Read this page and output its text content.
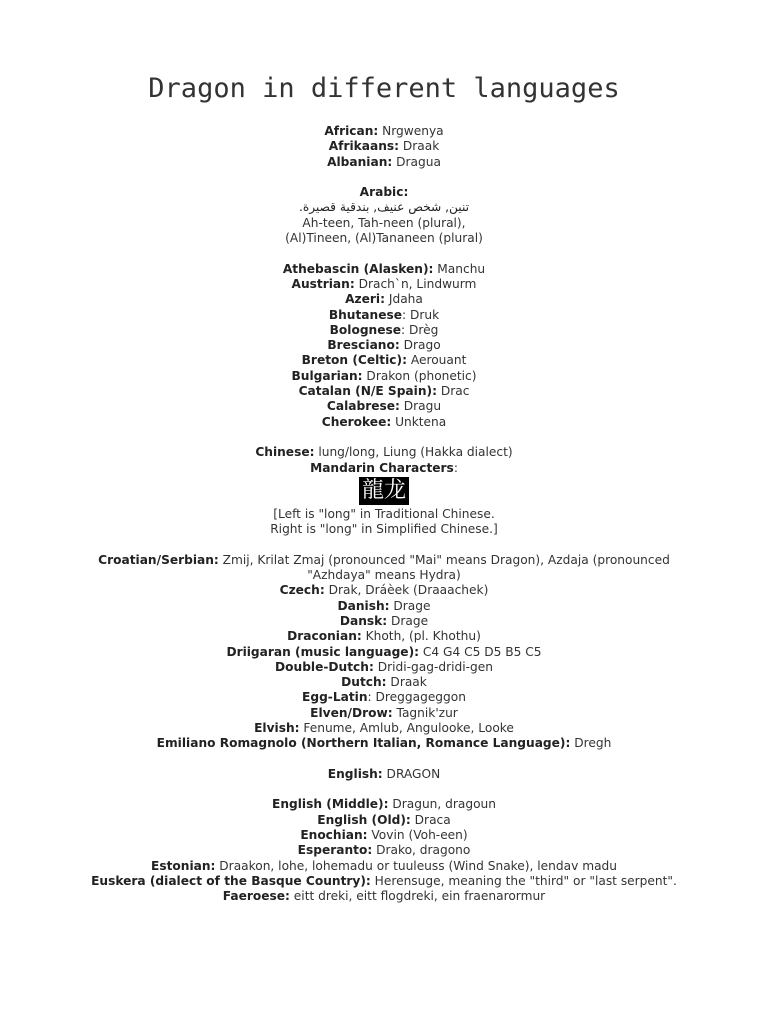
Dragon in different languages
African: Nrgwenya
Afrikaans: Draak
Albanian: Dragua
Arabic:
تنين, شخص عنيف, بندقية قصيرة.
Ah-teen, Tah-neen (plural),
(Al)Tineen, (Al)Tananeen (plural)
Athebascin (Alasken): Manchu
Austrian: Drach`n, Lindwurm
Azeri: Jdaha
Bhutanese: Druk
Bolognese: Drèg
Bresciano: Drago
Breton (Celtic): Aerouant
Bulgarian: Drakon (phonetic)
Catalan (N/E Spain): Drac
Calabrese: Dragu
Cherokee: Unktena
Chinese: lung/long, Liung (Hakka dialect)
Mandarin Characters:
龍龙
[Left is "long" in Traditional Chinese.
Right is "long" in Simplified Chinese.]
Croatian/Serbian: Zmij, Krilat Zmaj (pronounced "Mai" means Dragon), Azdaja (pronounced
"Azhdaya" means Hydra)
Czech: Drak, Dráèek (Draaachek)
Danish: Drage
Dansk: Drage
Draconian: Khoth, (pl. Khothu)
Driigaran (music language): C4 G4 C5 D5 B5 C5
Double-Dutch: Dridi-gag-dridi-gen
Dutch: Draak
Egg-Latin: Dreggageggon
Elven/Drow: Tagnik'zur
Elvish: Fenume, Amlub, Angulooke, Looke
Emiliano Romagnolo (Northern Italian, Romance Language): Dregh
English: DRAGON
English (Middle): Dragun, dragoun
English (Old): Draca
Enochian: Vovin (Voh-een)
Esperanto: Drako, dragono
Estonian: Draakon, lohe, lohemadu or tuuleuss (Wind Snake), lendav madu
Euskera (dialect of the Basque Country): Herensuge, meaning the "third" or "last serpent".
Faeroese: eitt dreki, eitt flogdreki, ein fraenarormur
